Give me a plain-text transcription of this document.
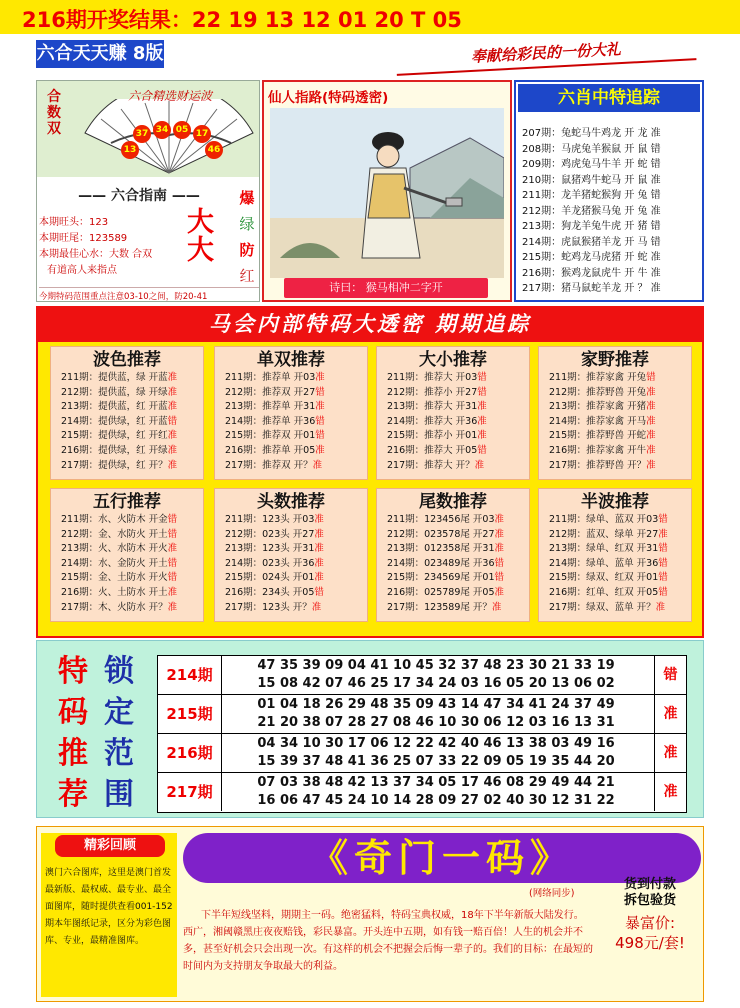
216期开奖结果：22 19 13 12 01 20 T 05
六合天天赚 8版	奉献给彩民的一份大礼
合数双
六合精选财运波
37 34 05 17
13	46
—— 六合指南 ——
本期旺头：123
本期旺尾：123589
本期最佳心水：大数 合双
有道高人来指点
大大
爆
绿
防
红
今期特码范围重点注意03-10之间，防20-41
仙人指路(特码透密)
诗曰： 猴马相冲二字开
六肖中特追踪
207期：兔蛇马牛鸡龙 开 龙 准
208期：马虎兔羊猴鼠 开 鼠 错
209期：鸡虎兔马牛羊 开 蛇 错
210期：鼠猪鸡牛蛇马 开 鼠 准
211期：龙羊猪蛇猴狗 开 兔 错
212期：羊龙猪猴马兔 开 兔 准
213期：狗龙羊兔牛虎 开 猪 错
214期：虎鼠猴猪羊龙 开 马 错
215期：蛇鸡龙马虎猪 开 蛇 准
216期：猴鸡龙鼠虎牛 开 牛 准
217期：猪马鼠蛇羊龙 开 ？ 准
马会内部特码大透密 期期追踪
波色推荐
211期：提供蓝，绿 开蓝准
212期：提供蓝，绿 开绿准
213期：提供蓝，红 开蓝准
214期：提供绿，红 开蓝错
215期：提供绿，红 开红准
216期：提供绿，红 开绿准
217期：提供绿，红 开？准
单双推荐
211期：推荐单 开03准
212期：推荐双 开27错
213期：推荐单 开31准
214期：推荐单 开36错
215期：推荐双 开01错
216期：推荐单 开05准
217期：推荐双 开？准
大小推荐
211期：推荐大 开03错
212期：推荐小 开27错
213期：推荐大 开31准
214期：推荐大 开36准
215期：推荐小 开01准
216期：推荐大 开05错
217期：推荐大 开？准
家野推荐
211期：推荐家禽 开兔错
212期：推荐野兽 开兔准
213期：推荐家禽 开猪准
214期：推荐家禽 开马准
215期：推荐野兽 开蛇准
216期：推荐家禽 开牛准
217期：推荐野兽 开？准
五行推荐
211期：水、火防木 开金错
212期：金、水防火 开土错
213期：火、水防木 开火准
214期：水、金防火 开土错
215期：金、土防水 开火错
216期：火、土防水 开土准
217期：木、火防水 开？准
头数推荐
211期：123头 开03准
212期：023头 开27准
213期：123头 开31准
214期：023头 开36准
215期：024头 开01准
216期：234头 开05错
217期：123头 开？准
尾数推荐
211期：123456尾 开03准
212期：023578尾 开27准
213期：012358尾 开31准
214期：023489尾 开36错
215期：234569尾 开01错
216期：025789尾 开05准
217期：123589尾 开？准
半波推荐
211期：绿单、蓝双 开03错
212期：蓝双、绿单 开27准
213期：绿单、红双 开31错
214期：绿单、蓝单 开36错
215期：绿双、红双 开01错
216期：红单、红双 开05错
217期：绿双、蓝单 开？准
特
码
推
荐
锁
定
范
围
214期
47 35 39 09 04 41 10 45 32 37 48 23 30 21 33 19
15 08 42 07 46 25 17 34 24 03 16 05 20 13 06 02
错
215期
01 04 18 26 29 48 35 09 43 14 47 34 41 24 37 49
21 20 38 07 28 27 08 46 10 30 06 12 03 16 13 31
准
216期
04 34 10 30 17 06 12 22 42 40 46 13 38 03 49 16
15 39 37 48 41 36 25 07 33 22 09 05 19 35 44 20
准
217期
07 03 38 48 42 13 37 34 05 17 46 08 29 49 44 21
16 06 47 45 24 10 14 28 09 27 02 40 30 12 31 22
准
精彩回顾
澳门六合图库，这里是澳门首发最新版、最权威、最专业、最全面图库，随时提供查看001-152期本年图纸记录，区分为彩色图库、专业，最精准图库。
《奇门一码》
(网络同步)
货到付款
拆包验货
暴富价:
498元/套!
下半年短线坚料，期期主一码。绝密猛料，特码宝典权威，18年下半年新版大陆发行。西广，湘阈赣黑庄夜夜赔钱，彩民暴富。开头连中五期，如有钱一赔百倍！人生的机会并不多，甚至好机会只会出现一次。有这样的机会不把握会后悔一辈子的。我们的目标：在最短的时间内为支持朋友争取最大的利益。
